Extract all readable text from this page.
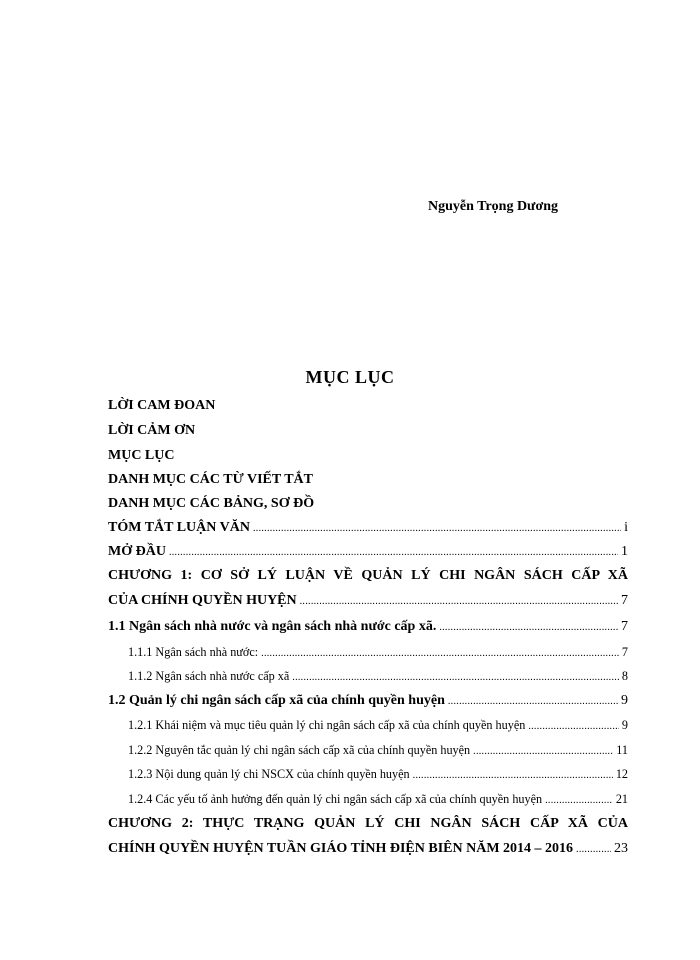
Nguyễn Trọng Dương
MỤC LỤC
LỜI CAM ĐOAN
LỜI CẢM ƠN
MỤC LỤC
DANH MỤC CÁC TỪ VIẾT TẮT
DANH MỤC CÁC BẢNG, SƠ ĐỒ
TÓM TẮT LUẬN VĂN .....	i
MỞ ĐẦU .....	1
CHƯƠNG 1: CƠ SỞ LÝ LUẬN VỀ QUẢN LÝ CHI NGÂN SÁCH CẤP XÃ
CỦA CHÍNH QUYỀN HUYỆN .....	7
1.1 Ngân sách nhà nước và ngân sách nhà nước cấp xã. .....	7
1.1.1 Ngân sách nhà nước: .....	7
1.1.2 Ngân sách nhà nước cấp xã .....	8
1.2 Quản lý chi ngân sách cấp xã của chính quyền huyện .....	9
1.2.1 Khái niệm và mục tiêu quản lý chi ngân sách cấp xã của chính quyền huyện .....	9
1.2.2 Nguyên tắc quản lý chi ngân sách cấp xã của chính quyền huyện .....	11
1.2.3 Nội dung quản lý chi NSCX của chính quyền huyện .....	12
1.2.4 Các yếu tố ảnh hưởng đến quản lý chi ngân sách cấp xã của chính quyền huyện .....	21
CHƯƠNG 2: THỰC TRẠNG QUẢN LÝ CHI NGÂN SÁCH CẤP XÃ CỦA
CHÍNH QUYỀN HUYỆN TUẦN GIÁO TỈNH ĐIỆN BIÊN NĂM 2014 – 2016 .....	23
